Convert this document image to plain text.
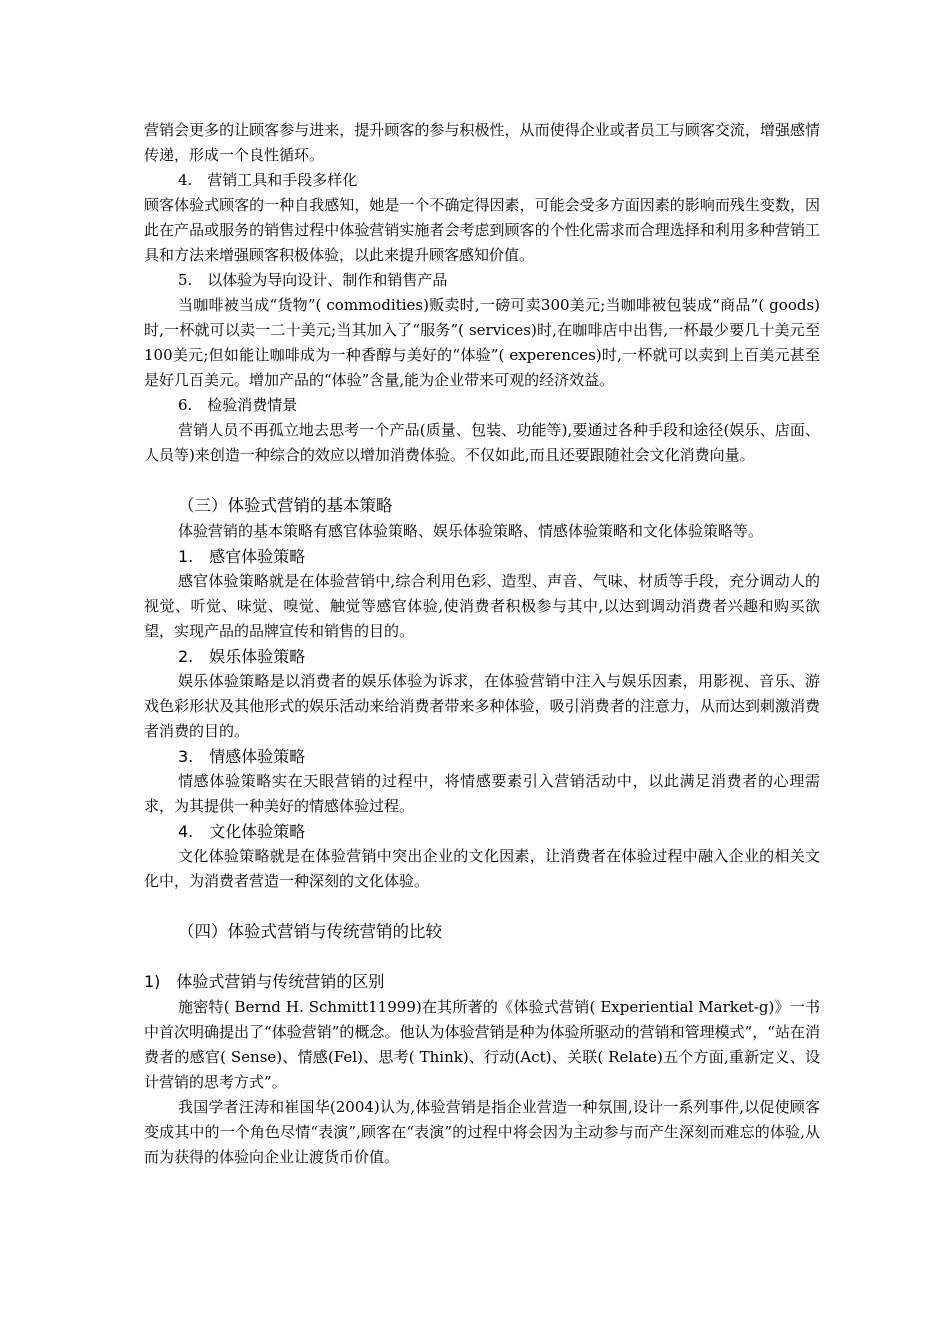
营销会更多的让顾客参与进来，提升顾客的参与积极性，从而使得企业或者员工与顾客交流，增强感情传递，形成一个良性循环。

4.　营销工具和手段多样化

顾客体验式顾客的一种自我感知，她是一个不确定得因素，可能会受多方面因素的影响而残生变数，因此在产品或服务的销售过程中体验营销实施者会考虑到顾客的个性化需求而合理选择和利用多种营销工具和方法来增强顾客积极体验，以此来提升顾客感知价值。

5.　以体验为导向设计、制作和销售产品

当咖啡被当成“货物”( commodities)贩卖时,一磅可卖300美元;当咖啡被包装成“商品”( goods)时,一杯就可以卖一二十美元;当其加入了“服务”( services)时,在咖啡店中出售,一杯最少要几十美元至100美元;但如能让咖啡成为一种香醇与美好的“体验”( experences)时,一杯就可以卖到上百美元甚至是好几百美元。增加产品的“体验”含量,能为企业带来可观的经济效益。

6.　检验消费情景

营销人员不再孤立地去思考一个产品(质量、包装、功能等),要通过各种手段和途径(娱乐、店面、人员等)来创造一种综合的效应以增加消费体验。不仅如此,而且还要跟随社会文化消费向量。

（三）体验式营销的基本策略

体验营销的基本策略有感官体验策略、娱乐体验策略、情感体验策略和文化体验策略等。

1.　感官体验策略

感官体验策略就是在体验营销中,综合利用色彩、造型、声音、气味、材质等手段，充分调动人的视觉、听觉、味觉、嗅觉、触觉等感官体验,使消费者积极参与其中,以达到调动消费者兴趣和购买欲望，实现产品的品牌宣传和销售的目的。

2.　娱乐体验策略

娱乐体验策略是以消费者的娱乐体验为诉求，在体验营销中注入与娱乐因素，用影视、音乐、游戏色彩形状及其他形式的娱乐活动来给消费者带来多种体验，吸引消费者的注意力，从而达到刺激消费者消费的目的。

3.　情感体验策略

情感体验策略实在天眼营销的过程中，将情感要素引入营销活动中，以此满足消费者的心理需求，为其提供一种美好的情感体验过程。

4.　文化体验策略

文化体验策略就是在体验营销中突出企业的文化因素，让消费者在体验过程中融入企业的相关文化中，为消费者营造一种深刻的文化体验。

（四）体验式营销与传统营销的比较

1)　体验式营销与传统营销的区别

施密特( Bernd H. Schmitt11999)在其所著的《体验式营销( Experiential Market-g)》一书中首次明确提出了“体验营销”的概念。他认为体验营销是种为体验所驱动的营销和管理模式”，“站在消费者的感官( Sense)、情感(Fel)、思考( Think)、行动(Act)、关联( Relate)五个方面,重新定义、设计营销的思考方式”。

我国学者汪涛和崔国华(2004)认为,体验营销是指企业营造一种氛围,设计一系列事件,以促使顾客变成其中的一个角色尽情“表演”,顾客在“表演”的过程中将会因为主动参与而产生深刻而难忘的体验,从而为获得的体验向企业让渡货币价值。
